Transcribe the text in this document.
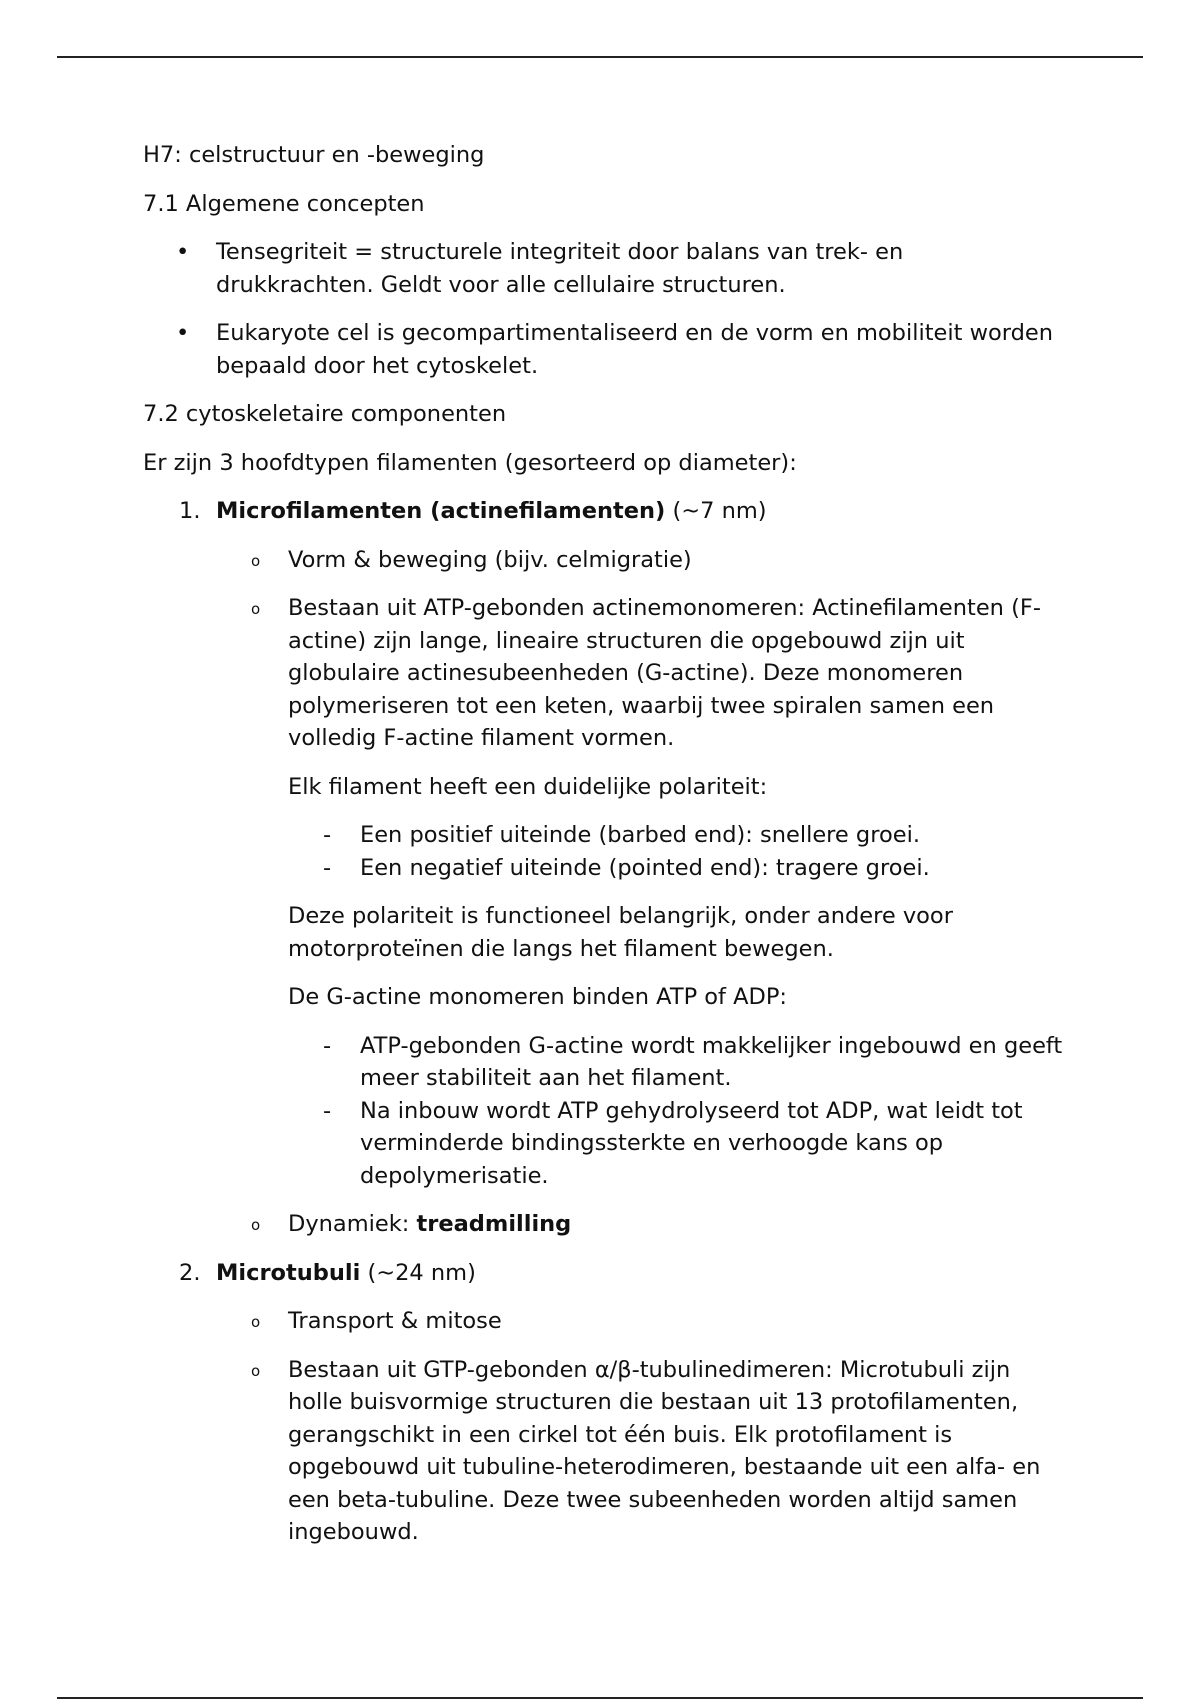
H7: celstructuur en -beweging

7.1 Algemene concepten

• Tensegriteit = structurele integriteit door balans van trek- en drukkrachten. Geldt voor alle cellulaire structuren.
• Eukaryote cel is gecompartimentaliseerd en de vorm en mobiliteit worden bepaald door het cytoskelet.

7.2 cytoskeletaire componenten

Er zijn 3 hoofdtypen filamenten (gesorteerd op diameter):

1. Microfilamenten (actinefilamenten) (~7 nm)
o Vorm & beweging (bijv. celmigratie)
o Bestaan uit ATP-gebonden actinemonomeren: Actinefilamenten (F-actine) zijn lange, lineaire structuren die opgebouwd zijn uit globulaire actinesubeenheden (G-actine). Deze monomeren polymeriseren tot een keten, waarbij twee spiralen samen een volledig F-actine filament vormen.

Elk filament heeft een duidelijke polariteit:

- Een positief uiteinde (barbed end): snellere groei.
- Een negatief uiteinde (pointed end): tragere groei.

Deze polariteit is functioneel belangrijk, onder andere voor motorproteïnen die langs het filament bewegen.

De G-actine monomeren binden ATP of ADP:

- ATP-gebonden G-actine wordt makkelijker ingebouwd en geeft meer stabiliteit aan het filament.
- Na inbouw wordt ATP gehydrolyseerd tot ADP, wat leidt tot verminderde bindingssterkte en verhoogde kans op depolymerisatie.
o Dynamiek: treadmilling
2. Microtubuli (~24 nm)
o Transport & mitose
o Bestaan uit GTP-gebonden α/β-tubulinedimeren: Microtubuli zijn holle buisvormige structuren die bestaan uit 13 protofilamenten, gerangschikt in een cirkel tot één buis. Elk protofilament is opgebouwd uit tubuline-heterodimeren, bestaande uit een alfa- en een beta-tubuline. Deze twee subeenheden worden altijd samen ingebouwd.
